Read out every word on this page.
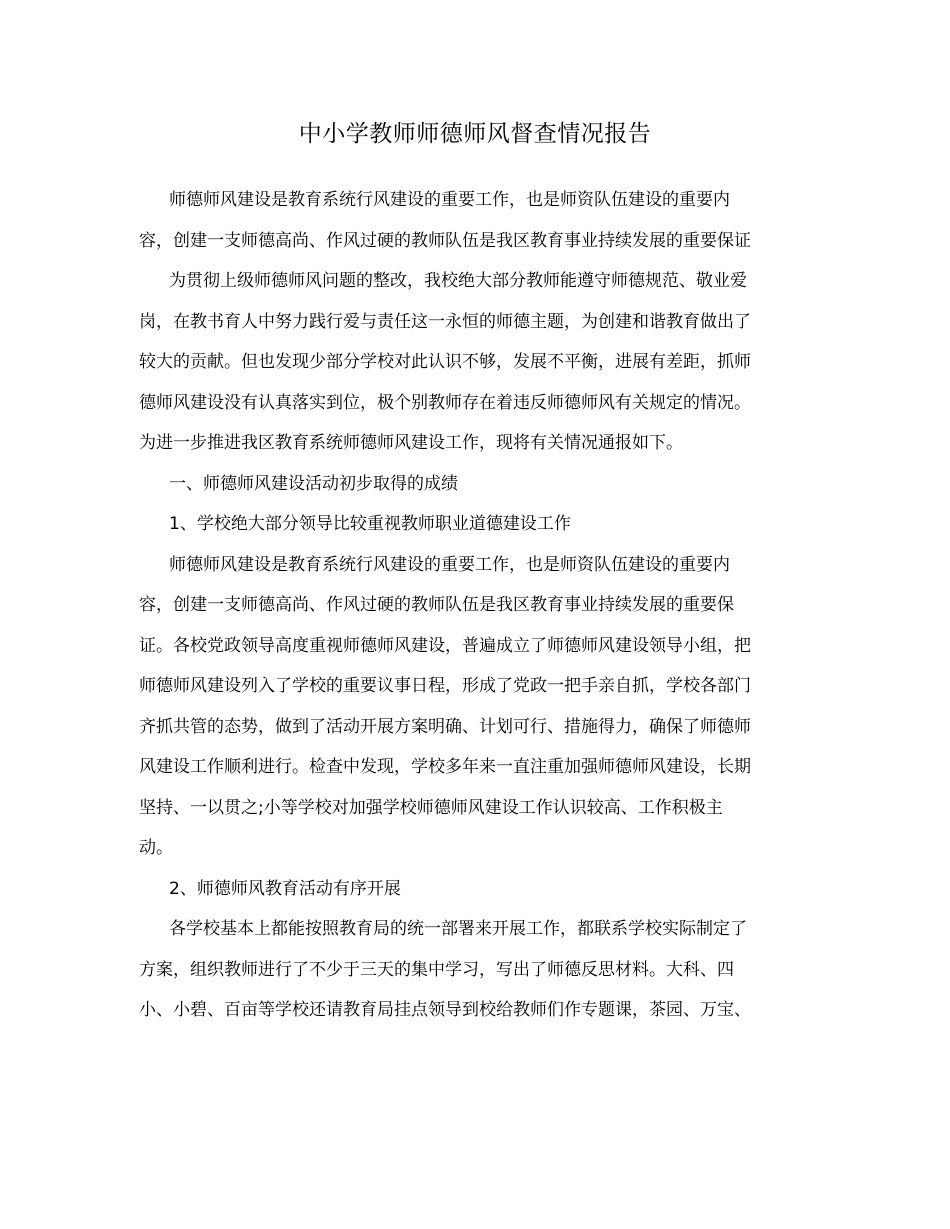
中小学教师师德师风督查情况报告
师德师风建设是教育系统行风建设的重要工作，也是师资队伍建设的重要内
容，创建一支师德高尚、作风过硬的教师队伍是我区教育事业持续发展的重要保证
为贯彻上级师德师风问题的整改，我校绝大部分教师能遵守师德规范、敬业爱
岗，在教书育人中努力践行爱与责任这一永恒的师德主题，为创建和谐教育做出了
较大的贡献。但也发现少部分学校对此认识不够，发展不平衡，进展有差距，抓师
德师风建设没有认真落实到位，极个别教师存在着违反师德师风有关规定的情况。
为进一步推进我区教育系统师德师风建设工作，现将有关情况通报如下。
一、师德师风建设活动初步取得的成绩
1、学校绝大部分领导比较重视教师职业道德建设工作
师德师风建设是教育系统行风建设的重要工作，也是师资队伍建设的重要内
容，创建一支师德高尚、作风过硬的教师队伍是我区教育事业持续发展的重要保
证。各校党政领导高度重视师德师风建设，普遍成立了师德师风建设领导小组，把
师德师风建设列入了学校的重要议事日程，形成了党政一把手亲自抓，学校各部门
齐抓共管的态势，做到了活动开展方案明确、计划可行、措施得力，确保了师德师
风建设工作顺利进行。检查中发现，学校多年来一直注重加强师德师风建设，长期
坚持、一以贯之;小等学校对加强学校师德师风建设工作认识较高、工作积极主
动。
2、师德师风教育活动有序开展
各学校基本上都能按照教育局的统一部署来开展工作，都联系学校实际制定了
方案，组织教师进行了不少于三天的集中学习，写出了师德反思材料。大科、四
小、小碧、百亩等学校还请教育局挂点领导到校给教师们作专题课，茶园、万宝、
